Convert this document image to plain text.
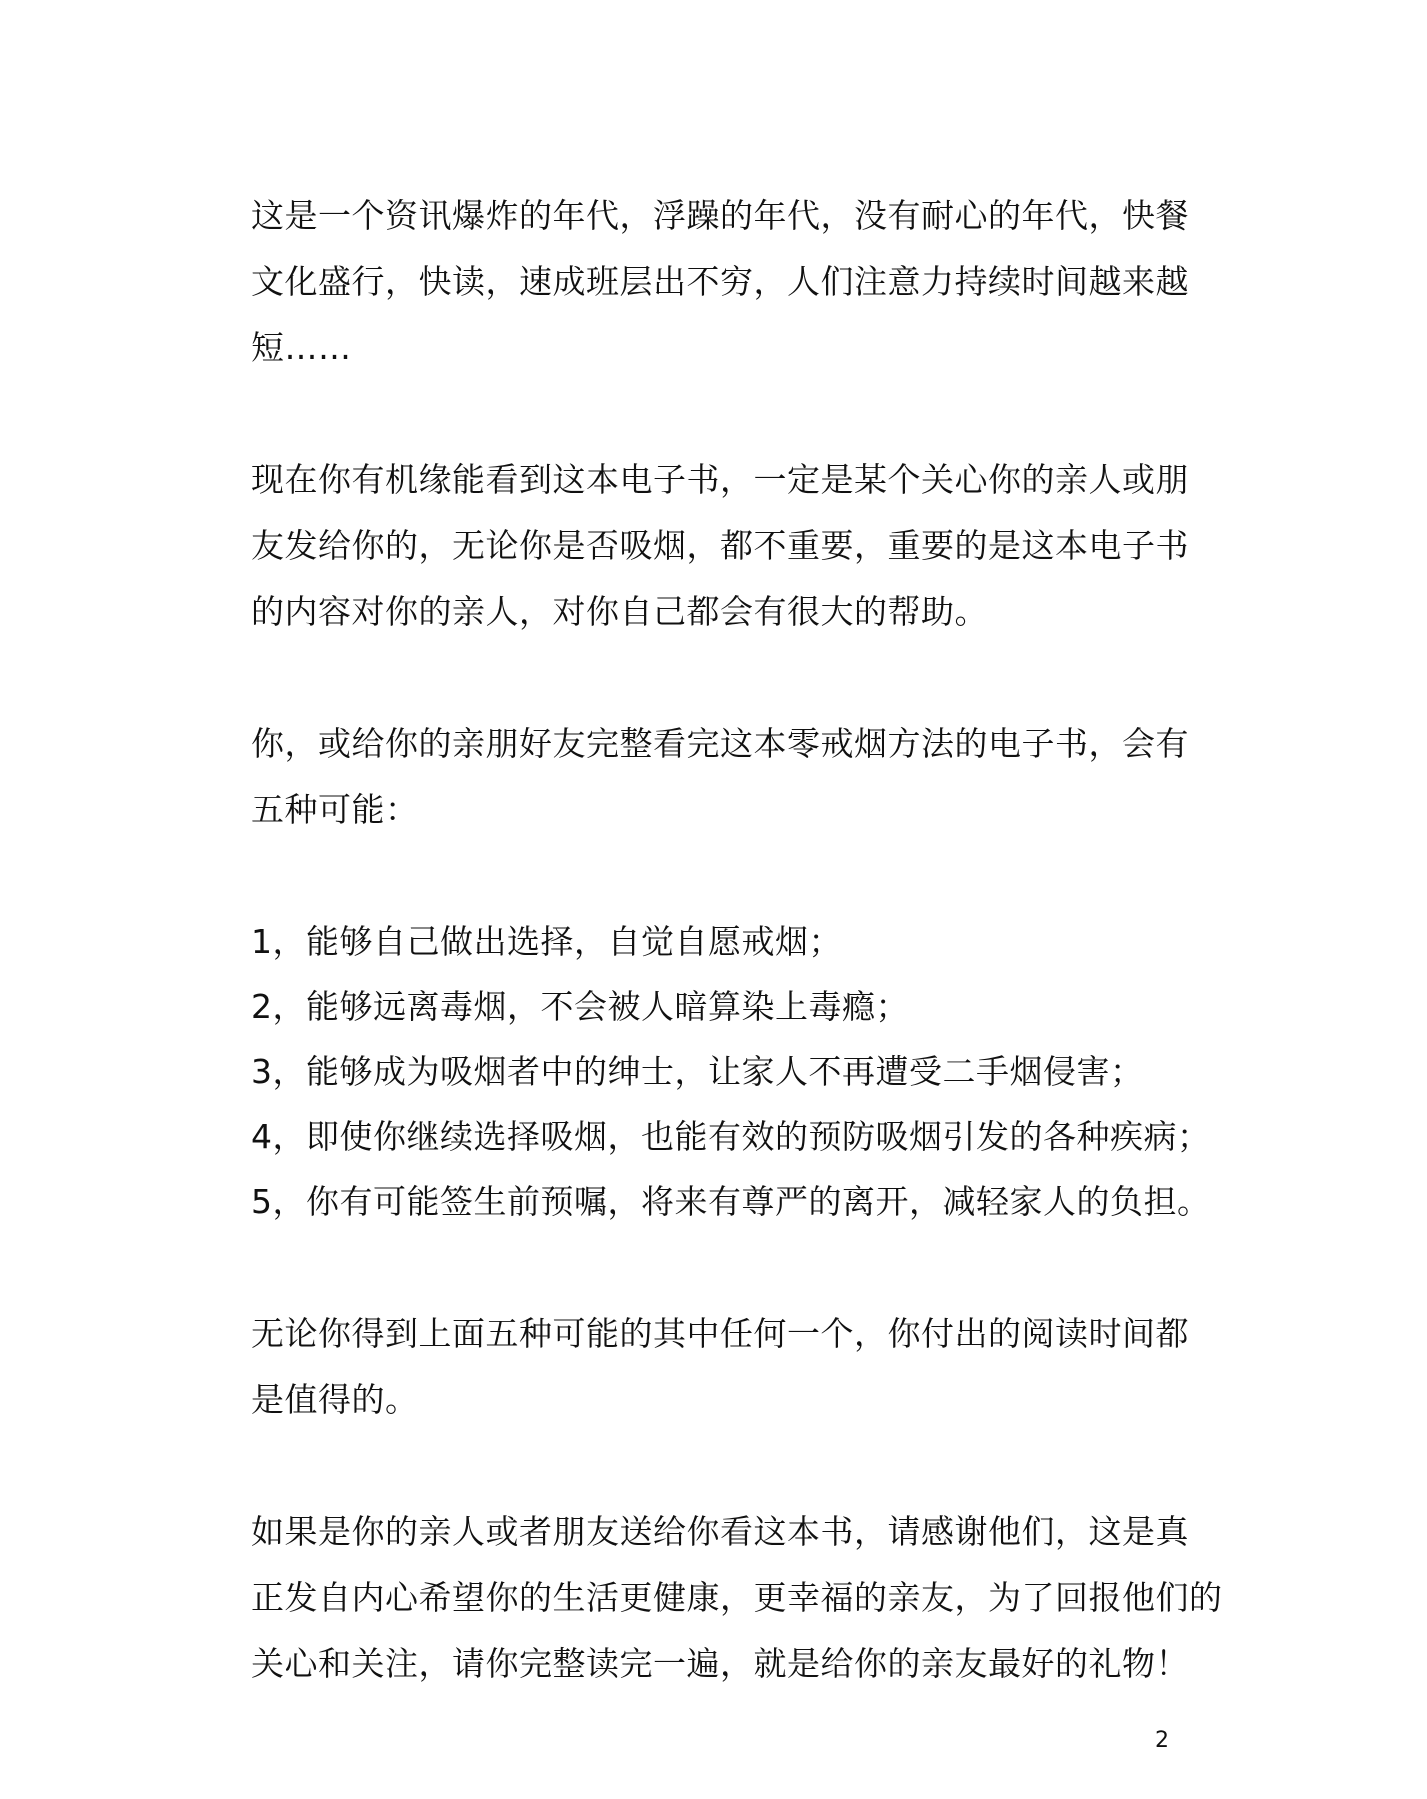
这是一个资讯爆炸的年代，浮躁的年代，没有耐心的年代，快餐

文化盛行，快读，速成班层出不穷，人们注意力持续时间越来越

短……

现在你有机缘能看到这本电子书，一定是某个关心你的亲人或朋

友发给你的，无论你是否吸烟，都不重要，重要的是这本电子书

的内容对你的亲人，对你自己都会有很大的帮助。

你，或给你的亲朋好友完整看完这本零戒烟方法的电子书，会有

五种可能：

1，能够自己做出选择，自觉自愿戒烟；

2，能够远离毒烟，不会被人暗算染上毒瘾；

3，能够成为吸烟者中的绅士，让家人不再遭受二手烟侵害；

4，即使你继续选择吸烟，也能有效的预防吸烟引发的各种疾病；

5，你有可能签生前预嘱，将来有尊严的离开，减轻家人的负担。

无论你得到上面五种可能的其中任何一个，你付出的阅读时间都

是值得的。

如果是你的亲人或者朋友送给你看这本书，请感谢他们，这是真

正发自内心希望你的生活更健康，更幸福的亲友，为了回报他们的

关心和关注，请你完整读完一遍，就是给你的亲友最好的礼物！

2
